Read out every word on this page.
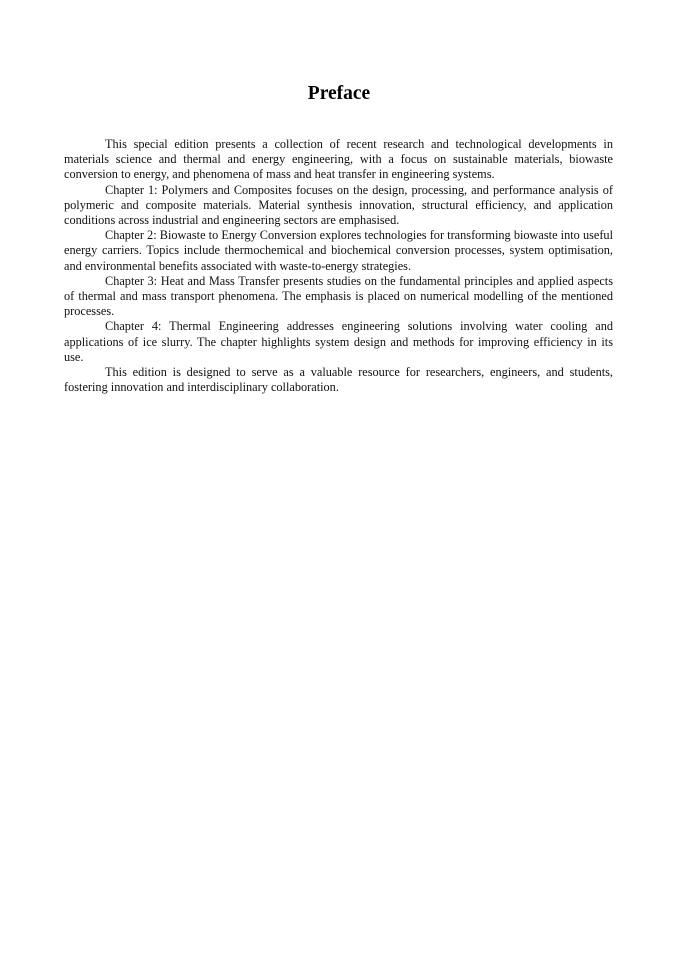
Preface

This special edition presents a collection of recent research and technological developments in materials science and thermal and energy engineering, with a focus on sustainable materials, biowaste conversion to energy, and phenomena of mass and heat transfer in engineering systems.

Chapter 1: Polymers and Composites focuses on the design, processing, and performance analysis of polymeric and composite materials. Material synthesis innovation, structural efficiency, and application conditions across industrial and engineering sectors are emphasised.

Chapter 2: Biowaste to Energy Conversion explores technologies for transforming biowaste into useful energy carriers. Topics include thermochemical and biochemical conversion processes, system optimisation, and environmental benefits associated with waste-to-energy strategies.

Chapter 3: Heat and Mass Transfer presents studies on the fundamental principles and applied aspects of thermal and mass transport phenomena. The emphasis is placed on numerical modelling of the mentioned processes.

Chapter 4: Thermal Engineering addresses engineering solutions involving water cooling and applications of ice slurry. The chapter highlights system design and methods for improving efficiency in its use.

This edition is designed to serve as a valuable resource for researchers, engineers, and students, fostering innovation and interdisciplinary collaboration.
